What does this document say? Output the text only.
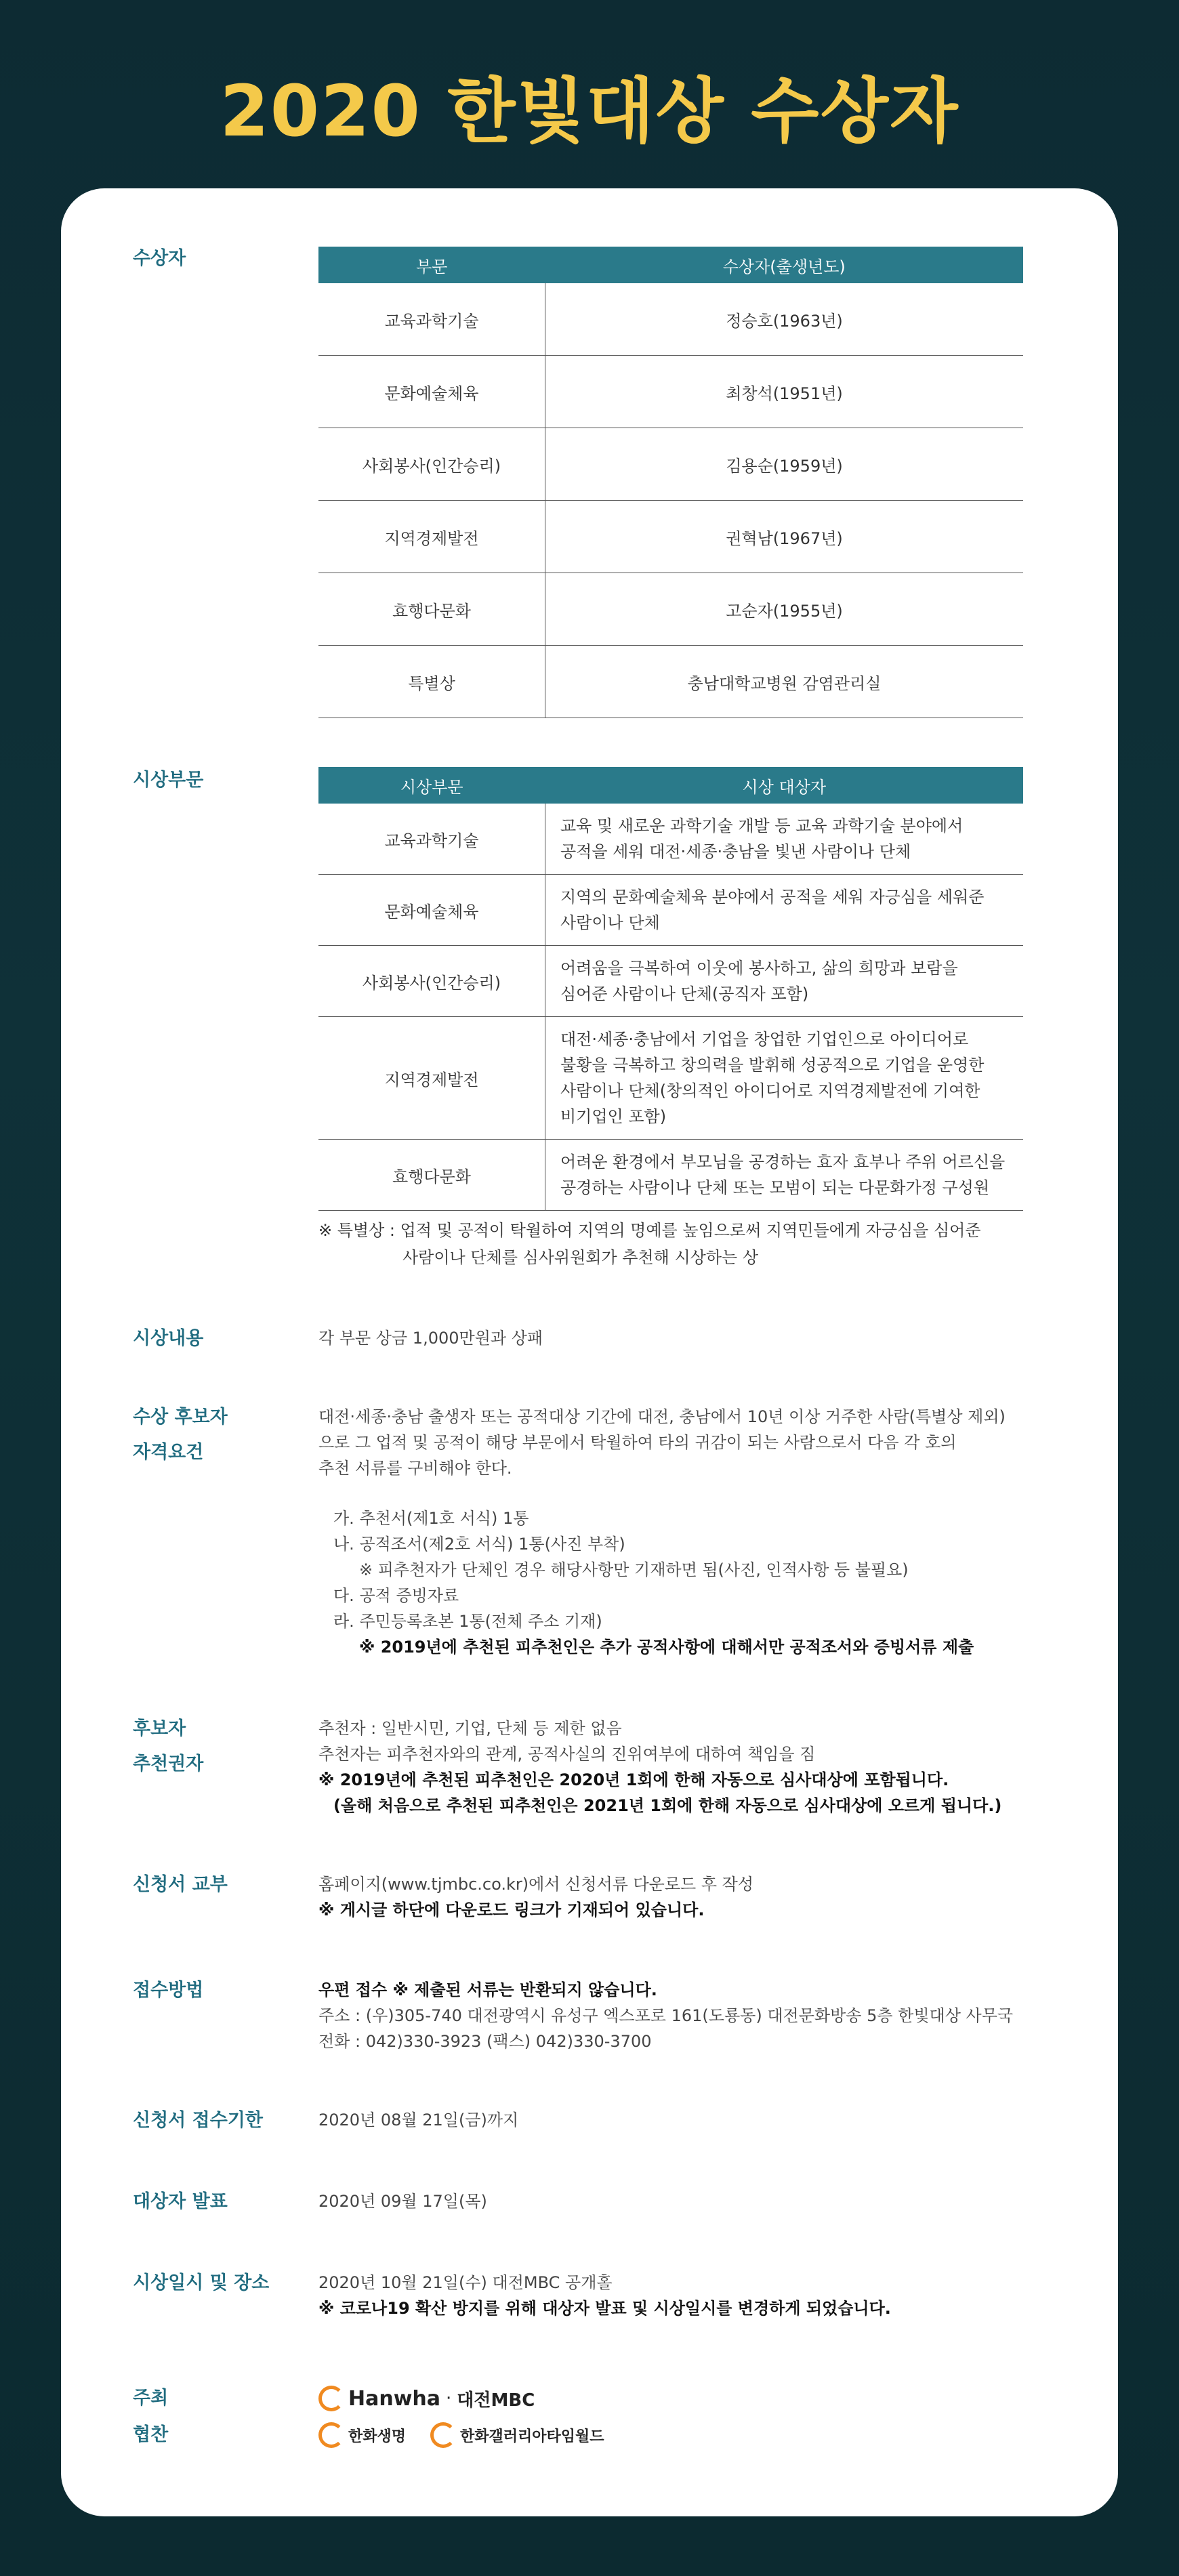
2020 한빛대상 수상자
수상자	부문	수상자(출생년도)
교육과학기술	정승호(1963년)
문화예술체육	최창석(1951년)
사회봉사(인간승리)	김용순(1959년)
지역경제발전	권혁남(1967년)
효행다문화	고순자(1955년)
특별상	충남대학교병원 감염관리실
시상부문	시상부문	시상 대상자
교육과학기술	교육 및 새로운 과학기술 개발 등 교육 과학기술 분야에서
공적을 세워 대전·세종·충남을 빛낸 사람이나 단체

문화예술체육	지역의 문화예술체육 분야에서 공적을 세워 자긍심을 세워준
사람이나 단체

사회봉사(인간승리)	어려움을 극복하여 이웃에 봉사하고, 삶의 희망과 보람을
심어준 사람이나 단체(공직자 포함)

지역경제발전	대전·세종·충남에서 기업을 창업한 기업인으로 아이디어로
불황을 극복하고 창의력을 발휘해 성공적으로 기업을 운영한
사람이나 단체(창의적인 아이디어로 지역경제발전에 기여한
비기업인 포함)

효행다문화	어려운 환경에서 부모님을 공경하는 효자 효부나 주위 어르신을
공경하는 사람이나 단체 또는 모범이 되는 다문화가정 구성원
※ 특별상 : 업적 및 공적이 탁월하여 지역의 명예를 높임으로써 지역민들에게 자긍심을 심어준
사람이나 단체를 심사위원회가 추천해 시상하는 상
시상내용	각 부문 상금 1,000만원과 상패
수상 후보자
자격요건
대전·세종·충남 출생자 또는 공적대상 기간에 대전, 충남에서 10년 이상 거주한 사람(특별상 제외)
으로 그 업적 및 공적이 해당 부문에서 탁월하여 타의 귀감이 되는 사람으로서 다음 각 호의
추천 서류를 구비해야 한다.
가. 추천서(제1호 서식) 1통
나. 공적조서(제2호 서식) 1통(사진 부착)
※ 피추천자가 단체인 경우 해당사항만 기재하면 됨(사진, 인적사항 등 불필요)
다. 공적 증빙자료
라. 주민등록초본 1통(전체 주소 기재)
※ 2019년에 추천된 피추천인은 추가 공적사항에 대해서만 공적조서와 증빙서류 제출
후보자
추천권자
추천자 : 일반시민, 기업, 단체 등 제한 없음
추천자는 피추천자와의 관계, 공적사실의 진위여부에 대하여 책임을 짐
※ 2019년에 추천된 피추천인은 2020년 1회에 한해 자동으로 심사대상에 포함됩니다.
(올해 처음으로 추천된 피추천인은 2021년 1회에 한해 자동으로 심사대상에 오르게 됩니다.)
신청서 교부	홈페이지(www.tjmbc.co.kr)에서 신청서류 다운로드 후 작성
※ 게시글 하단에 다운로드 링크가 기재되어 있습니다.
접수방법	우편 접수 ※ 제출된 서류는 반환되지 않습니다.
주소 : (우)305-740 대전광역시 유성구 엑스포로 161(도룡동) 대전문화방송 5층 한빛대상 사무국
전화 : 042)330-3923 (팩스) 042)330-3700
신청서 접수기한	2020년 08월 21일(금)까지
대상자 발표	2020년 09월 17일(목)
시상일시 및 장소	2020년 10월 21일(수) 대전MBC 공개홀
※ 코로나19 확산 방지를 위해 대상자 발표 및 시상일시를 변경하게 되었습니다.
주최	Hanwha · 대전MBC
협찬	한화생명	한화갤러리아타임월드
